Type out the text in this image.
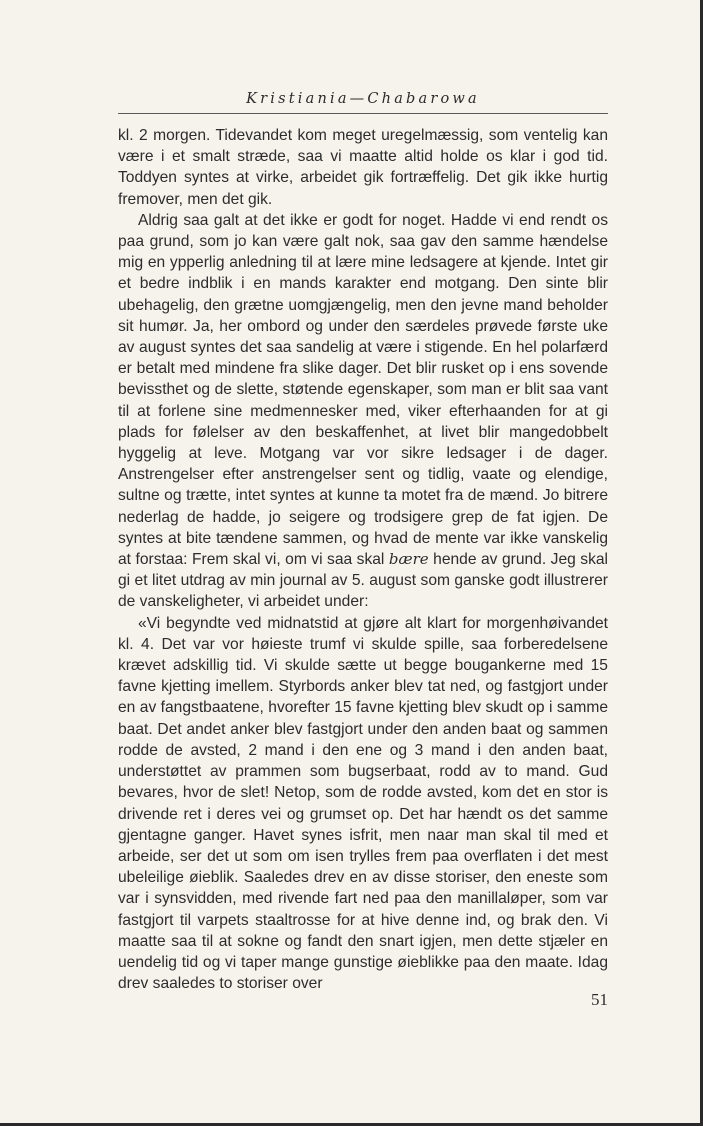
Kristiania—Chabarowa

kl. 2 morgen. Tidevandet kom meget uregelmæssig, som ventelig kan være i et smalt stræde, saa vi maatte altid holde os klar i god tid. Toddyen syntes at virke, arbeidet gik fortræffelig. Det gik ikke hurtig fremover, men det gik.

Aldrig saa galt at det ikke er godt for noget. Hadde vi end rendt os paa grund, som jo kan være galt nok, saa gav den samme hændelse mig en ypperlig anledning til at lære mine ledsagere at kjende. Intet gir et bedre indblik i en mands karakter end motgang. Den sinte blir ubehagelig, den grætne uomgjængelig, men den jevne mand beholder sit humør. Ja, her ombord og under den særdeles prøvede første uke av august syntes det saa sandelig at være i stigende. En hel polarfærd er betalt med mindene fra slike dager. Det blir rusket op i ens sovende bevissthet og de slette, støtende egenskaper, som man er blit saa vant til at forlene sine medmennesker med, viker efterhaanden for at gi plads for følelser av den beskaffenhet, at livet blir mangedobbelt hyggelig at leve. Motgang var vor sikre ledsager i de dager. Anstrengelser efter anstrengelser sent og tidlig, vaate og elendige, sultne og trætte, intet syntes at kunne ta motet fra de mænd. Jo bitrere nederlag de hadde, jo seigere og trodsigere grep de fat igjen. De syntes at bite tændene sammen, og hvad de mente var ikke vanskelig at forstaa: Frem skal vi, om vi saa skal bære hende av grund. Jeg skal gi et litet utdrag av min journal av 5. august som ganske godt illustrerer de vanskeligheter, vi arbeidet under:

«Vi begyndte ved midnatstid at gjøre alt klart for morgenhøivandet kl. 4. Det var vor høieste trumf vi skulde spille, saa forberedelsene krævet adskillig tid. Vi skulde sætte ut begge bougankerne med 15 favne kjetting imellem. Styrbords anker blev tat ned, og fastgjort under en av fangstbaatene, hvorefter 15 favne kjetting blev skudt op i samme baat. Det andet anker blev fastgjort under den anden baat og sammen rodde de avsted, 2 mand i den ene og 3 mand i den anden baat, understøttet av prammen som bugserbaat, rodd av to mand. Gud bevares, hvor de slet! Netop, som de rodde avsted, kom det en stor is drivende ret i deres vei og grumset op. Det har hændt os det samme gjentagne ganger. Havet synes isfrit, men naar man skal til med et arbeide, ser det ut som om isen trylles frem paa overflaten i det mest ubeleilige øieblik. Saaledes drev en av disse storiser, den eneste som var i synsvidden, med rivende fart ned paa den manillaløper, som var fastgjort til varpets staaltrosse for at hive denne ind, og brak den. Vi maatte saa til at sokne og fandt den snart igjen, men dette stjæler en uendelig tid og vi taper mange gunstige øieblikke paa den maate. Idag drev saaledes to storiser over

51
